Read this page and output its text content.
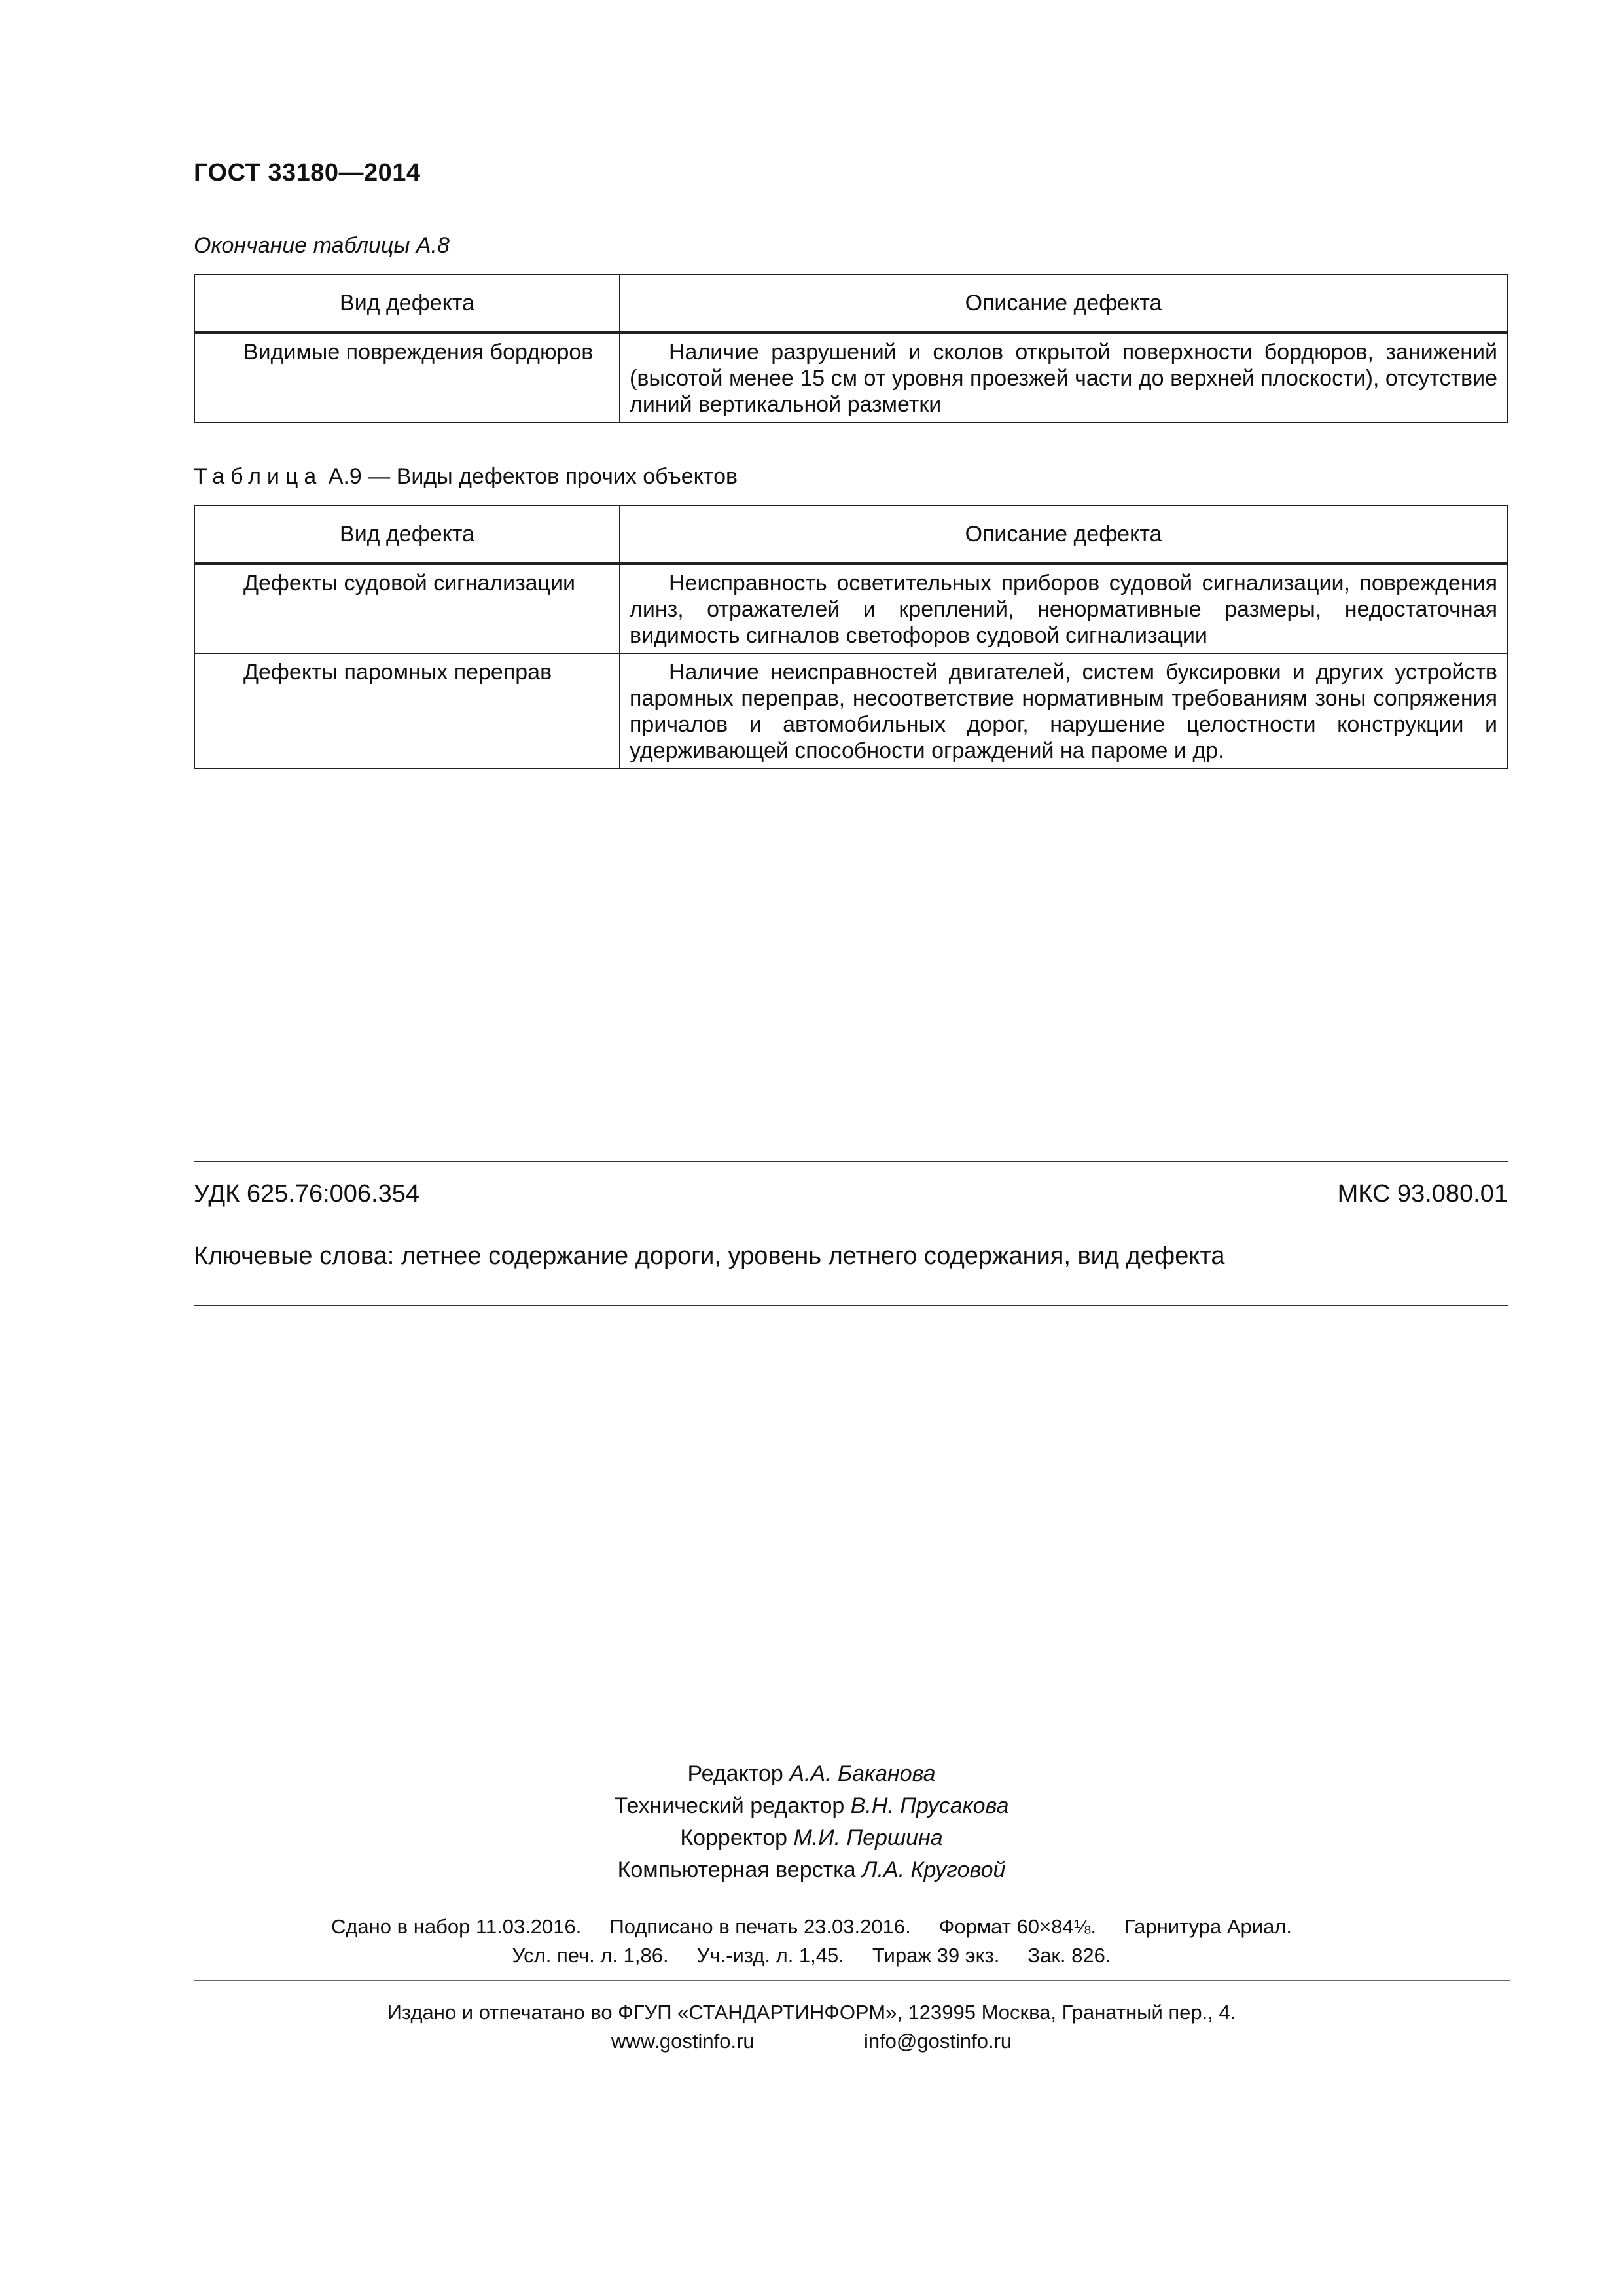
ГОСТ 33180—2014
Окончание таблицы А.8
Вид дефекта	Описание дефекта
Видимые повреждения бордюров	Наличие разрушений и сколов открытой поверхности бордюров, занижений (высотой менее 15 см от уровня проезжей части до верхней плоскости), отсутствие линий вертикальной разметки
Таблица А.9 — Виды дефектов прочих объектов
Вид дефекта	Описание дефекта
Дефекты судовой сигнализации	Неисправность осветительных приборов судовой сигнализации, повреждения линз, отражателей и креплений, ненормативные размеры, недостаточная видимость сигналов светофоров судовой сигнализации
Дефекты паромных переправ	Наличие неисправностей двигателей, систем буксировки и других устройств паромных переправ, несоответствие нормативным требованиям зоны сопряжения причалов и автомобильных дорог, нарушение целостности конструкции и удерживающей способности ограждений на пароме и др.
УДК 625.76:006.354	МКС 93.080.01
Ключевые слова: летнее содержание дороги, уровень летнего содержания, вид дефекта
Редактор А.А. Баканова
Технический редактор В.Н. Прусакова
Корректор М.И. Першина
Компьютерная верстка Л.А. Круговой
Сдано в набор 11.03.2016.     Подписано в печать 23.03.2016.     Формат 60×84⅛.     Гарнитура Ариал.
Усл. печ. л. 1,86.     Уч.-изд. л. 1,45.     Тираж 39 экз.     Зак. 826.
Издано и отпечатано во ФГУП «СТАНДАРТИНФОРМ», 123995 Москва, Гранатный пер., 4.
www.gostinfo.ru	info@gostinfo.ru
